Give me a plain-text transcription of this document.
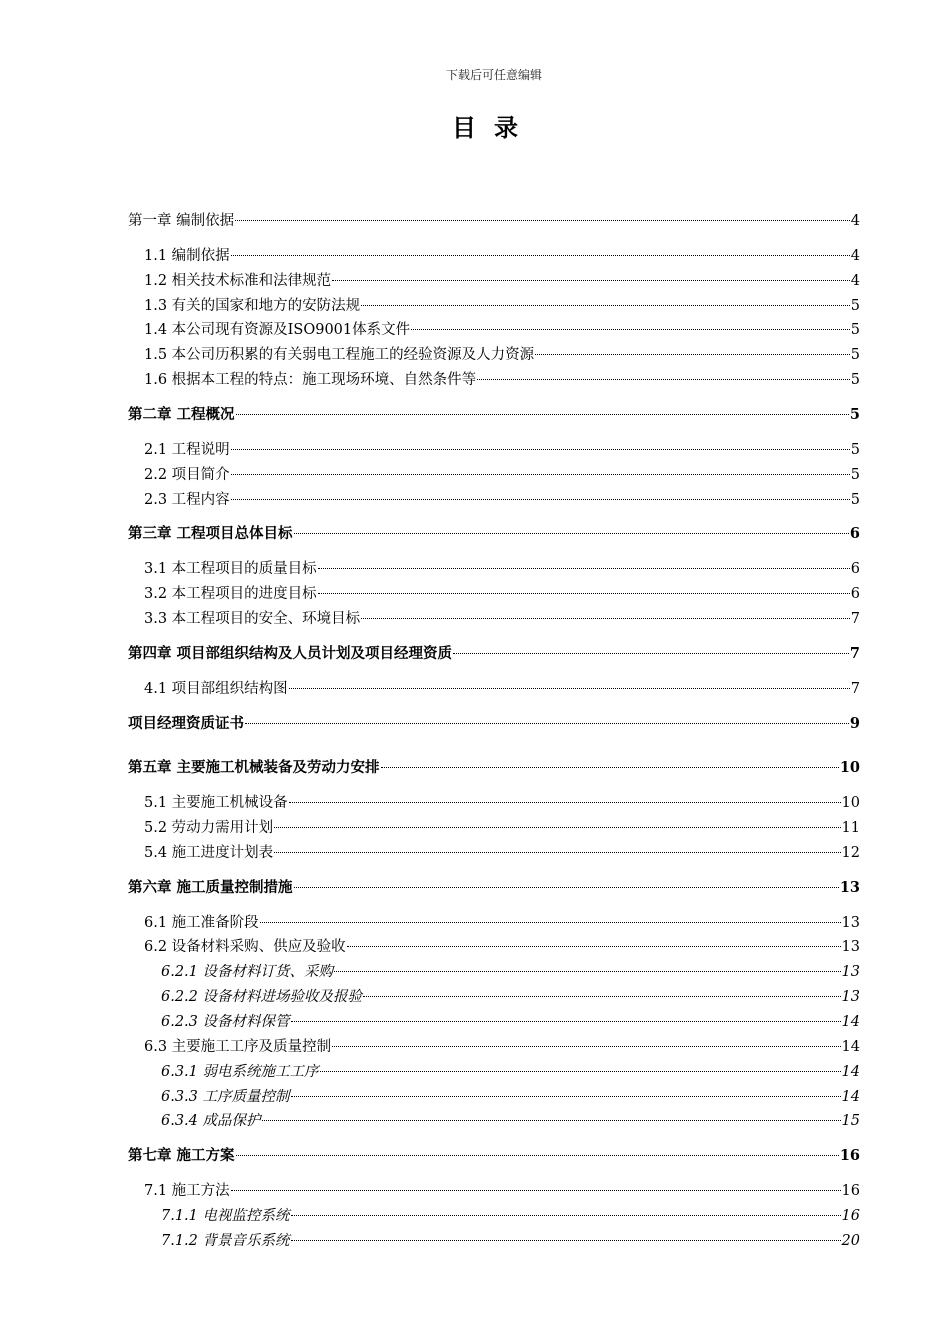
下载后可任意编辑
目录
第一章 编制依据	4
1.1 编制依据	4
1.2 相关技术标准和法律规范	4
1.3 有关的国家和地方的安防法规	5
1.4 本公司现有资源及ISO9001体系文件	5
1.5 本公司历积累的有关弱电工程施工的经验资源及人力资源	5
1.6 根据本工程的特点：施工现场环境、自然条件等	5
第二章 工程概况	5
2.1 工程说明	5
2.2 项目简介	5
2.3 工程内容	5
第三章 工程项目总体目标	6
3.1 本工程项目的质量目标	6
3.2 本工程项目的进度目标	6
3.3 本工程项目的安全、环境目标	7
第四章 项目部组织结构及人员计划及项目经理资质	7
4.1 项目部组织结构图	7
项目经理资质证书	9
第五章 主要施工机械装备及劳动力安排	10
5.1 主要施工机械设备	10
5.2 劳动力需用计划	11
5.4 施工进度计划表	12
第六章 施工质量控制措施	13
6.1 施工准备阶段	13
6.2 设备材料采购、供应及验收	13
6.2.1 设备材料订货、采购	13
6.2.2 设备材料进场验收及报验	13
6.2.3 设备材料保管	14
6.3 主要施工工序及质量控制	14
6.3.1 弱电系统施工工序	14
6.3.3 工序质量控制	14
6.3.4 成品保护	15
第七章 施工方案	16
7.1 施工方法	16
7.1.1 电视监控系统	16
7.1.2 背景音乐系统	20
